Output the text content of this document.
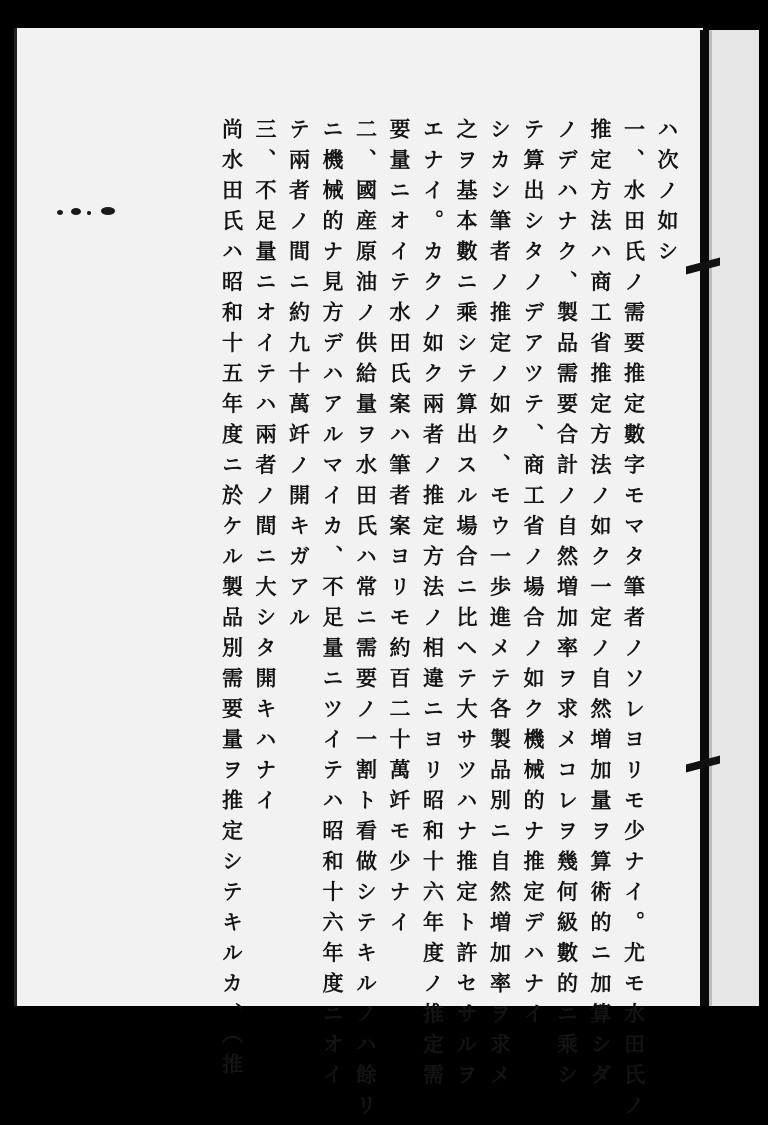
ハ次ノ如シ

一、水田氏ノ需要推定數字モマタ筆者ノソレヨリモ少ナイ。尤モ水田氏ノ

推定方法ハ商工省推定方法ノ如ク一定ノ自然増加量ヲ算術的ニ加算シダ

ノデハナク、製品需要合計ノ自然増加率ヲ求メコレヲ幾何級數的ニ乘シ

テ算出シタノデアツテ、商工省ノ場合ノ如ク機械的ナ推定デハナイ

シカシ筆者ノ推定ノ如ク、モウ一歩進メテ各製品別ニ自然増加率ヲ求メ

之ヲ基本數ニ乘シテ算出スル場合ニ比ヘテ大サツハナ推定ト許セサルヲ

エナイ。カクノ如ク兩者ノ推定方法ノ相違ニヨリ昭和十六年度ノ推定需

要量ニオイテ水田氏案ハ筆者案ヨリモ約百二十萬竏モ少ナイ

二、國産原油ノ供給量ヲ水田氏ハ常ニ需要ノ一割ト看做シテキルノハ餘リ

ニ機械的ナ見方デハアルマイカ、不足量ニツイテハ昭和十六年度ニオイ

テ兩者ノ間ニ約九十萬竏ノ開キガアル

三、不足量ニオイテハ兩者ノ間ニ大シタ開キハナイ

尚水田氏ハ昭和十五年度ニ於ケル製品別需要量ヲ推定シテキルカ、（推
